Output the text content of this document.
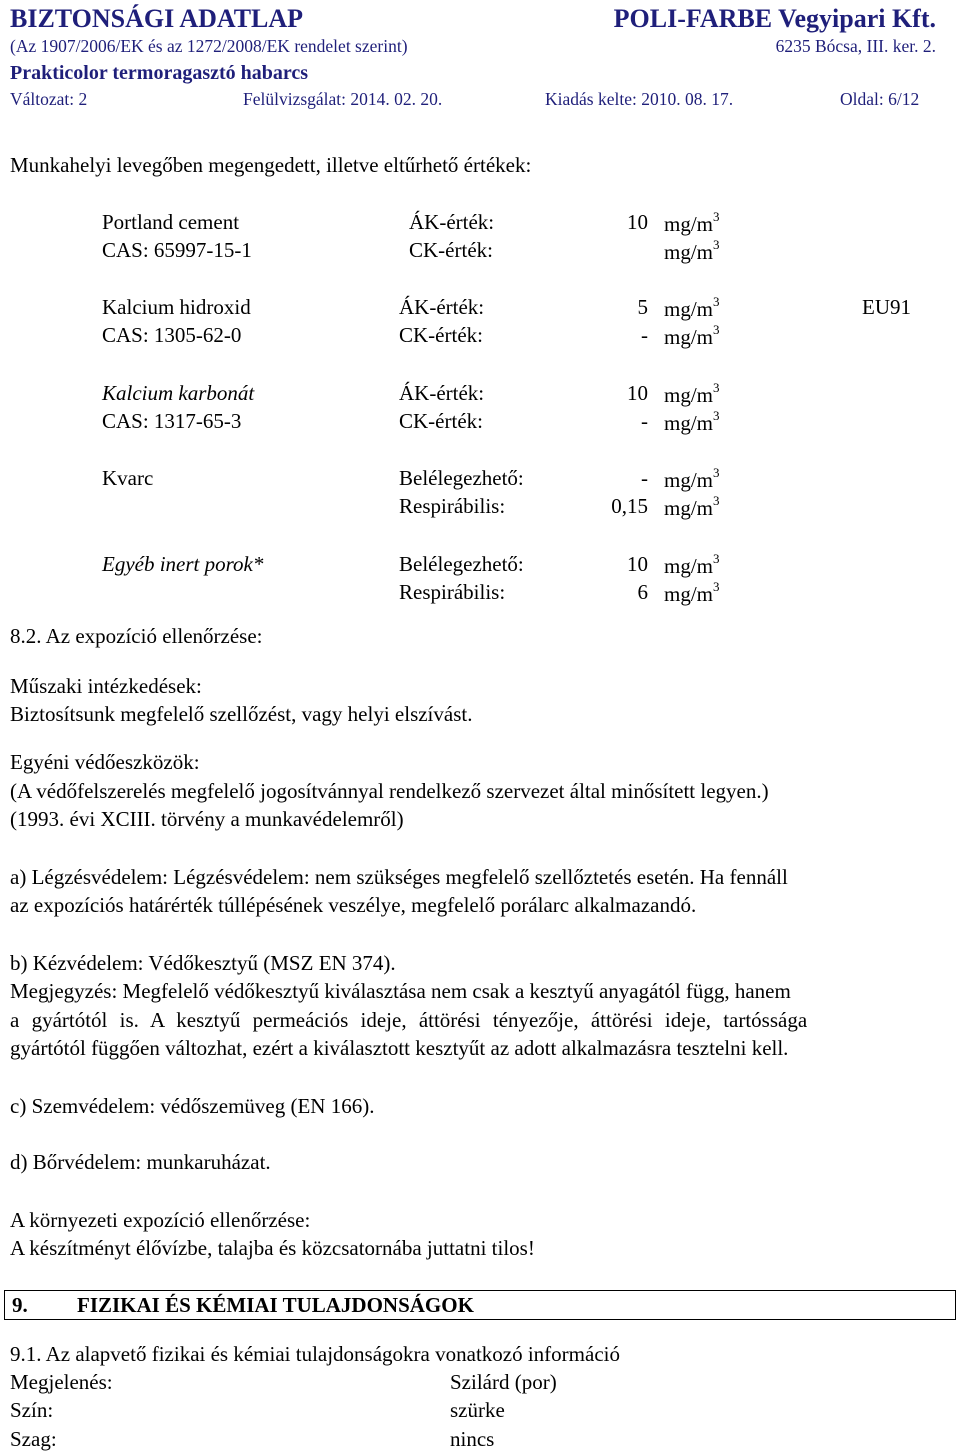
BIZTONSÁGI ADATLAP	POLI-FARBE Vegyipari Kft.
(Az 1907/2006/EK és az 1272/2008/EK rendelet szerint)	6235 Bócsa, III. ker. 2.
Prakticolor termoragasztó habarcs
Változat: 2	Felülvizsgálat: 2014. 02. 20.	Kiadás kelte: 2010. 08. 17.	Oldal: 6/12
Munkahelyi levegőben megengedett, illetve eltűrhető értékek:
Portland cement	ÁK-érték:	10 $mg/m^3$
CAS: 65997-15-1	CK-érték:	$mg/m^3$
Kalcium hidroxid	ÁK-érték:	5 $mg/m^3$	EU91
CAS: 1305-62-0	CK-érték:	- $mg/m^3$
Kalcium karbonát	ÁK-érték:	10 $mg/m^3$
CAS: 1317-65-3	CK-érték:	- $mg/m^3$
Kvarc	Belélegezhető:	- $mg/m^3$
Respirábilis:	0,15 $mg/m^3$
Egyéb inert porok*	Belélegezhető:	10 $mg/m^3$
Respirábilis:	6 $mg/m^3$
8.2. Az expozíció ellenőrzése:
Műszaki intézkedések:
Biztosítsunk megfelelő szellőzést, vagy helyi elszívást.
Egyéni védőeszközök:
(A védőfelszerelés megfelelő jogosítvánnyal rendelkező szervezet által minősített legyen.)
(1993. évi XCIII. törvény a munkavédelemről)
a) Légzésvédelem: Légzésvédelem: nem szükséges megfelelő szellőztetés esetén. Ha fennáll
az expozíciós határérték túllépésének veszélye, megfelelő porálarc alkalmazandó.
b) Kézvédelem: Védőkesztyű (MSZ EN 374).
Megjegyzés: Megfelelő védőkesztyű kiválasztása nem csak a kesztyű anyagától függ, hanem
a gyártótól is. A kesztyű permeációs ideje, áttörési tényezője, áttörési ideje, tartóssága
gyártótól függően változhat, ezért a kiválasztott kesztyűt az adott alkalmazásra tesztelni kell.
c) Szemvédelem: védőszemüveg (EN 166).
d) Bőrvédelem: munkaruházat.
A környezeti expozíció ellenőrzése:
A készítményt élővízbe, talajba és közcsatornába juttatni tilos!
9. FIZIKAI ÉS KÉMIAI TULAJDONSÁGOK
9.1. Az alapvető fizikai és kémiai tulajdonságokra vonatkozó információ
Megjelenés:	Szilárd (por)
Szín:	szürke
Szag:	nincs
